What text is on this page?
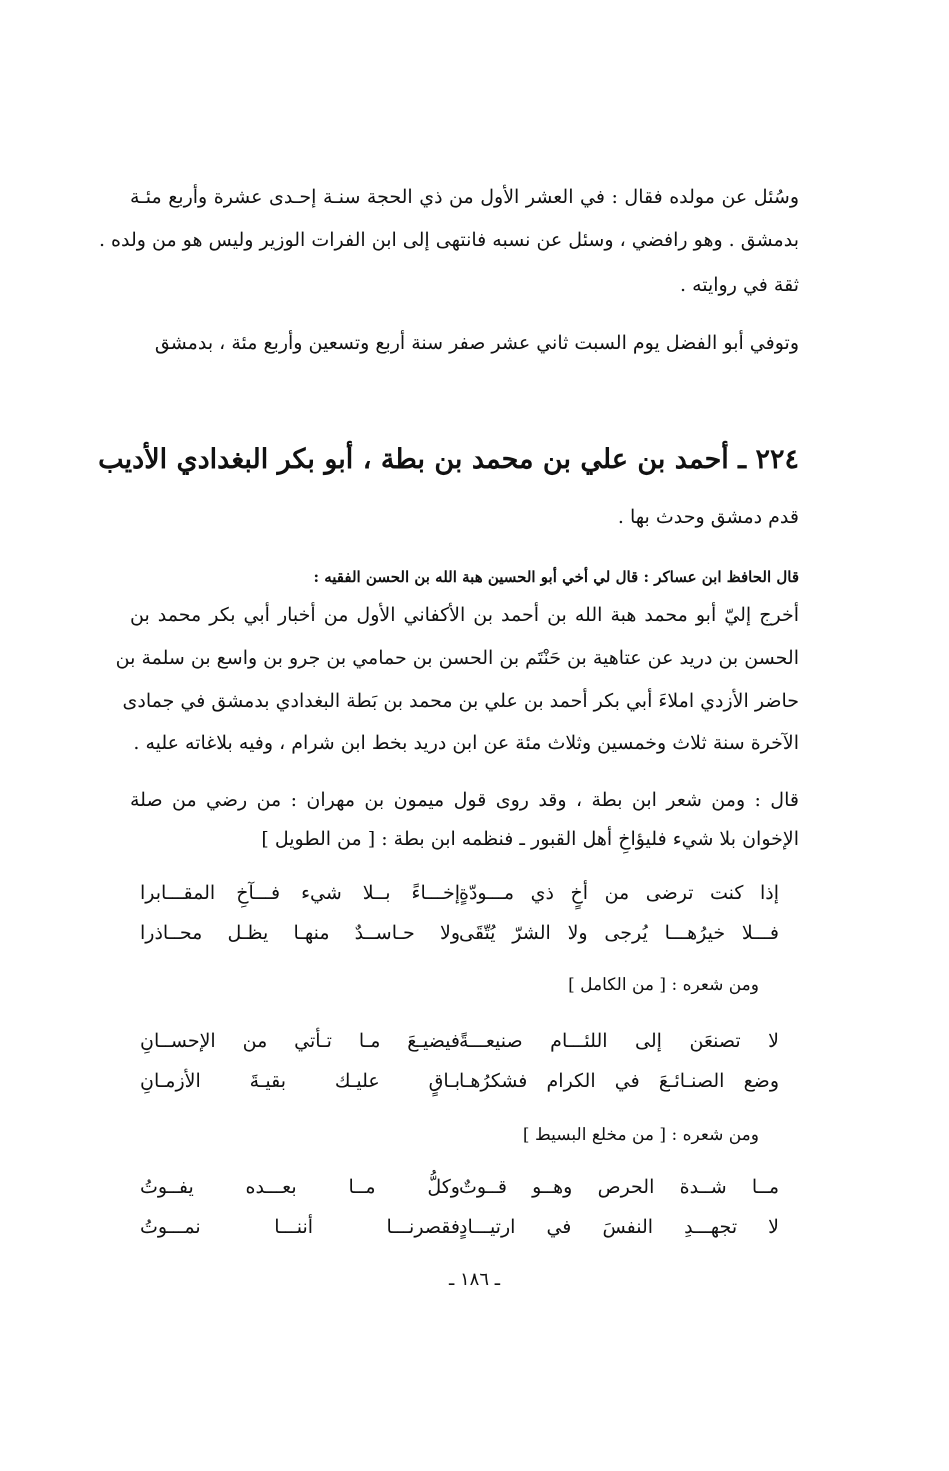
وسُئل عن مولده فقال : في العشر الأول من ذي الحجة سنـة إحـدى عشرة وأربع مئـة
بدمشق . وهو رافضي ، وسئل عن نسبه فانتهى إلى ابن الفرات الوزير وليس هو من ولده .
ثقة في روايته .
وتوفي أبو الفضل يوم السبت ثاني عشر صفر سنة أربع وتسعين وأربع مئة ، بدمشق
٢٢٤ ـ أحمد بن علي بن محمد بن بطة ، أبو بكر البغدادي الأديب
قدم دمشق وحدث بها .
قال الحافظ ابن عساكر : قال لي أخي أبو الحسين هبة الله بن الحسن الفقيه :
أخرج إليّ أبو محمد هبة الله بن أحمد بن الأكفاني الأول من أخبار أبي بكر محمد بن
الحسن بن دريد عن عتاهية بن حَنْتَم بن الحسن بن حمامي بن جرو بن واسع بن سلمة بن
حاضر الأزدي املاءَ أبي بكر أحمد بن علي بن محمد بن بَطة البغدادي بدمشق في جمادى
الآخرة سنة ثلاث وخمسين وثلاث مئة عن ابن دريد بخط ابن شرام ، وفيه بلاغاته عليه .
قال : ومن شعر ابن بطة ، وقد روى قول ميمون بن مهران : من رضي من صلة
الإخوان بلا شيء فليؤاخِ أهل القبور ـ فنظمه ابن بطة : [ من الطويل ]
إذا كنت ترضى من أخٍ ذي مـــودّةٍ
إخـــاءً بــلا شيء فـــآخِ المقـــابرا
فـــلا خيرُهـــا يُرجى ولا الشرّ يُتّقَى
ولا حـاســدٌ منهـا يظـل محــاذرا
ومن شعره : [ من الكامل ]
لا تصنعَن إلى اللئـــام صنيعـــةً
فيضيـعَ مـا تـأتي من الإحســانِ
وضع الصنـائـعَ في الكرام فشكرُهـا
بـاقٍ عليـك بقيـةَ الأزمـانِ
ومن شعره : [ من مخلع البسيط ]
مــا شــدة الحرص وهــو قــوتٌ
وكلُّ مــا بعـــده يفــوتُ
لا تجهـــدِ النفسَ في ارتيـــادٍ
فقصرنـــا أننـــا نمـــوتُ
ـ ١٨٦ ـ
